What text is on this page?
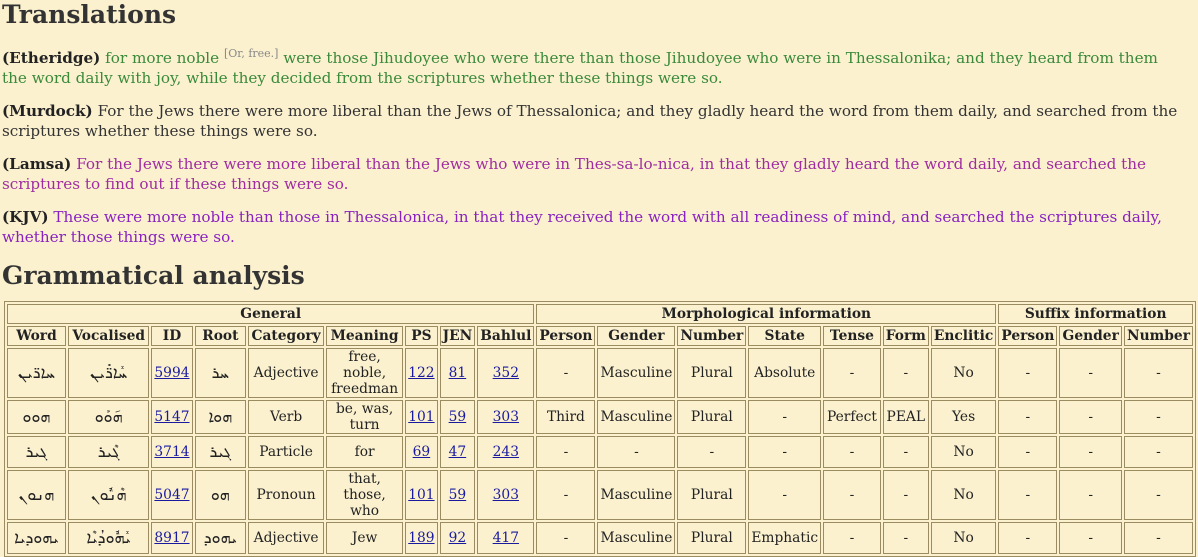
Translations

(Etheridge) for more noble [Or, free.] were those Jihudoyee who were there than those Jihudoyee who were in Thessalonika; and they heard from them the word daily with joy, while they decided from the scriptures whether these things were so.

(Murdock) For the Jews there were more liberal than the Jews of Thessalonica; and they gladly heard the word from them daily, and searched from the scriptures whether these things were so.

(Lamsa) For the Jews there were more liberal than the Jews who were in Thes-sa-lo-nica, in that they gladly heard the word daily, and searched the scriptures to find out if these things were so.

(KJV) These were more noble than those in Thessalonica, in that they received the word with all readiness of mind, and searched the scriptures daily, whether those things were so.

Grammatical analysis
General									Morphological information							Suffix information		
Word	Vocalised	ID	Root	Category	Meaning	PS	JEN	Bahlul	Person	Gender	Number	State	Tense	Form	Enclitic	Person	Gender	Number
ܚܐܪ̈ܝܢ	ܚܺܐܪ̈ܺܝܢ	5994	ܚܪ	Adjective	free, noble, freedman	122	81	352	-	Masculine	Plural	Absolute	-	-	No	-	-	-
ܗܘܘ	ܗ݇ܘܰܘ	5147	ܗܘܐ	Verb	be, was, turn	101	59	303	Third	Masculine	Plural	-	Perfect	PEAL	Yes	-	-	-
ܓܝܪ	ܓܶܝܪ	3714	ܓܝܪ	Particle	for	69	47	243	-	-	-	-	-	-	No	-	-	-
ܗܢܘܢ	ܗܶܢܽܘܢ	5047	ܗܘ	Pronoun	that, those, who	101	59	303	-	Masculine	Plural	-	-	-	No	-	-	-
ܝܗܘܕܝܐ	ܝܺܗܽܘܕܳܝܶܐ	8917	ܝܗܘܕ	Adjective	Jew	189	92	417	-	Masculine	Plural	Emphatic	-	-	No	-	-	-
